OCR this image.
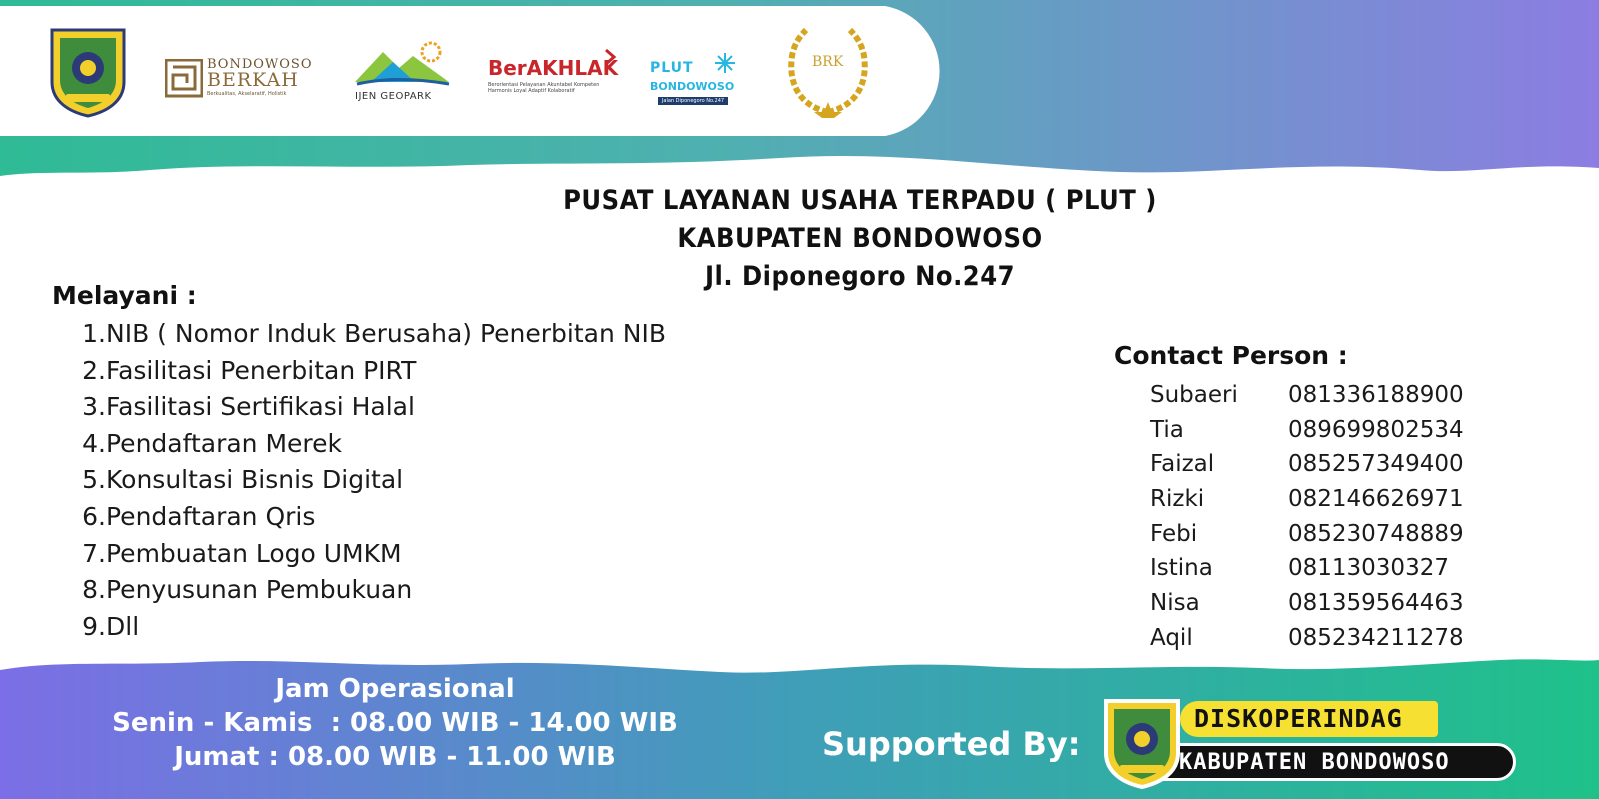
BONDOWOSO
BERKAH
Berkualitas, Akselaratif, Holistik	IJEN GEOPARK
BerAKHLAK
Berorientasi Pelayanan Akuntabel Kompeten
Harmonis Loyal Adaptif Kolaboratif
PLUT
BONDOWOSO
Jalan Diponegoro No.247
BRK
PUSAT LAYANAN USAHA TERPADU ( PLUT )
KABUPATEN BONDOWOSO
Jl. Diponegoro No.247
Melayani :
1.NIB ( Nomor Induk Berusaha) Penerbitan NIB
2.Fasilitasi Penerbitan PIRT
3.Fasilitasi Sertifikasi Halal
4.Pendaftaran Merek
5.Konsultasi Bisnis Digital
6.Pendaftaran Qris
7.Pembuatan Logo UMKM
8.Penyusunan Pembukuan
9.Dll
Contact Person :
Subaeri 081336188900
Tia	089699802534
Faizal	085257349400
Rizki	082146626971
Febi	085230748889
Istina	08113030327
Nisa	081359564463
Aqil	085234211278
Jam Operasional
Senin - Kamis  : 08.00 WIB - 14.00 WIB
Jumat : 08.00 WIB - 11.00 WIB	Supported By:
DISKOPERINDAG
KABUPATEN BONDOWOSO
